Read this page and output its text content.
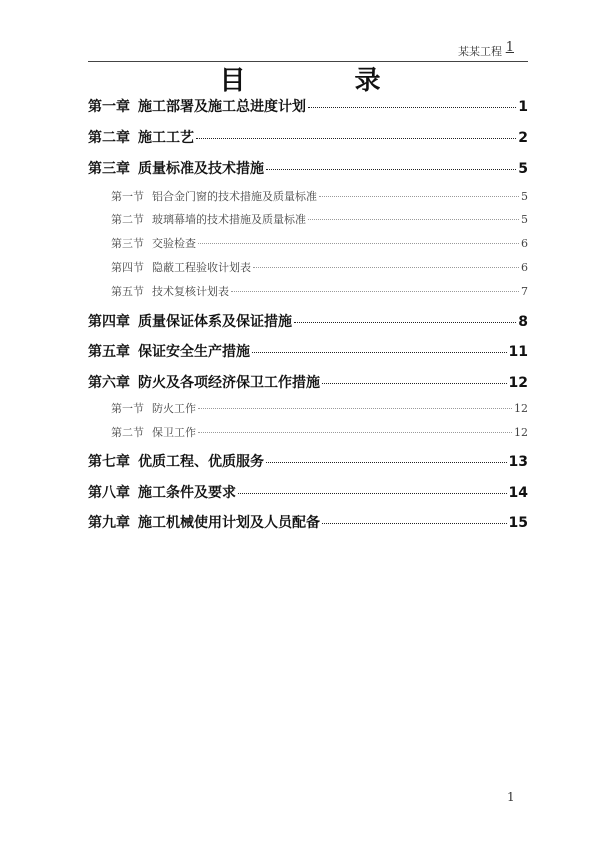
某某工程 1
目 录
第一章 施工部署及施工总进度计划	1
第二章 施工工艺	2
第三章 质量标准及技术措施	5
第一节 铝合金门窗的技术措施及质量标准	5
第二节 玻璃幕墙的技术措施及质量标准	5
第三节 交验检查	6
第四节 隐蔽工程验收计划表	6
第五节 技术复核计划表	7
第四章 质量保证体系及保证措施	8
第五章 保证安全生产措施	11
第六章 防火及各项经济保卫工作措施	12
第一节 防火工作	12
第二节 保卫工作	12
第七章 优质工程、优质服务	13
第八章 施工条件及要求	14
第九章 施工机械使用计划及人员配备	15
1
